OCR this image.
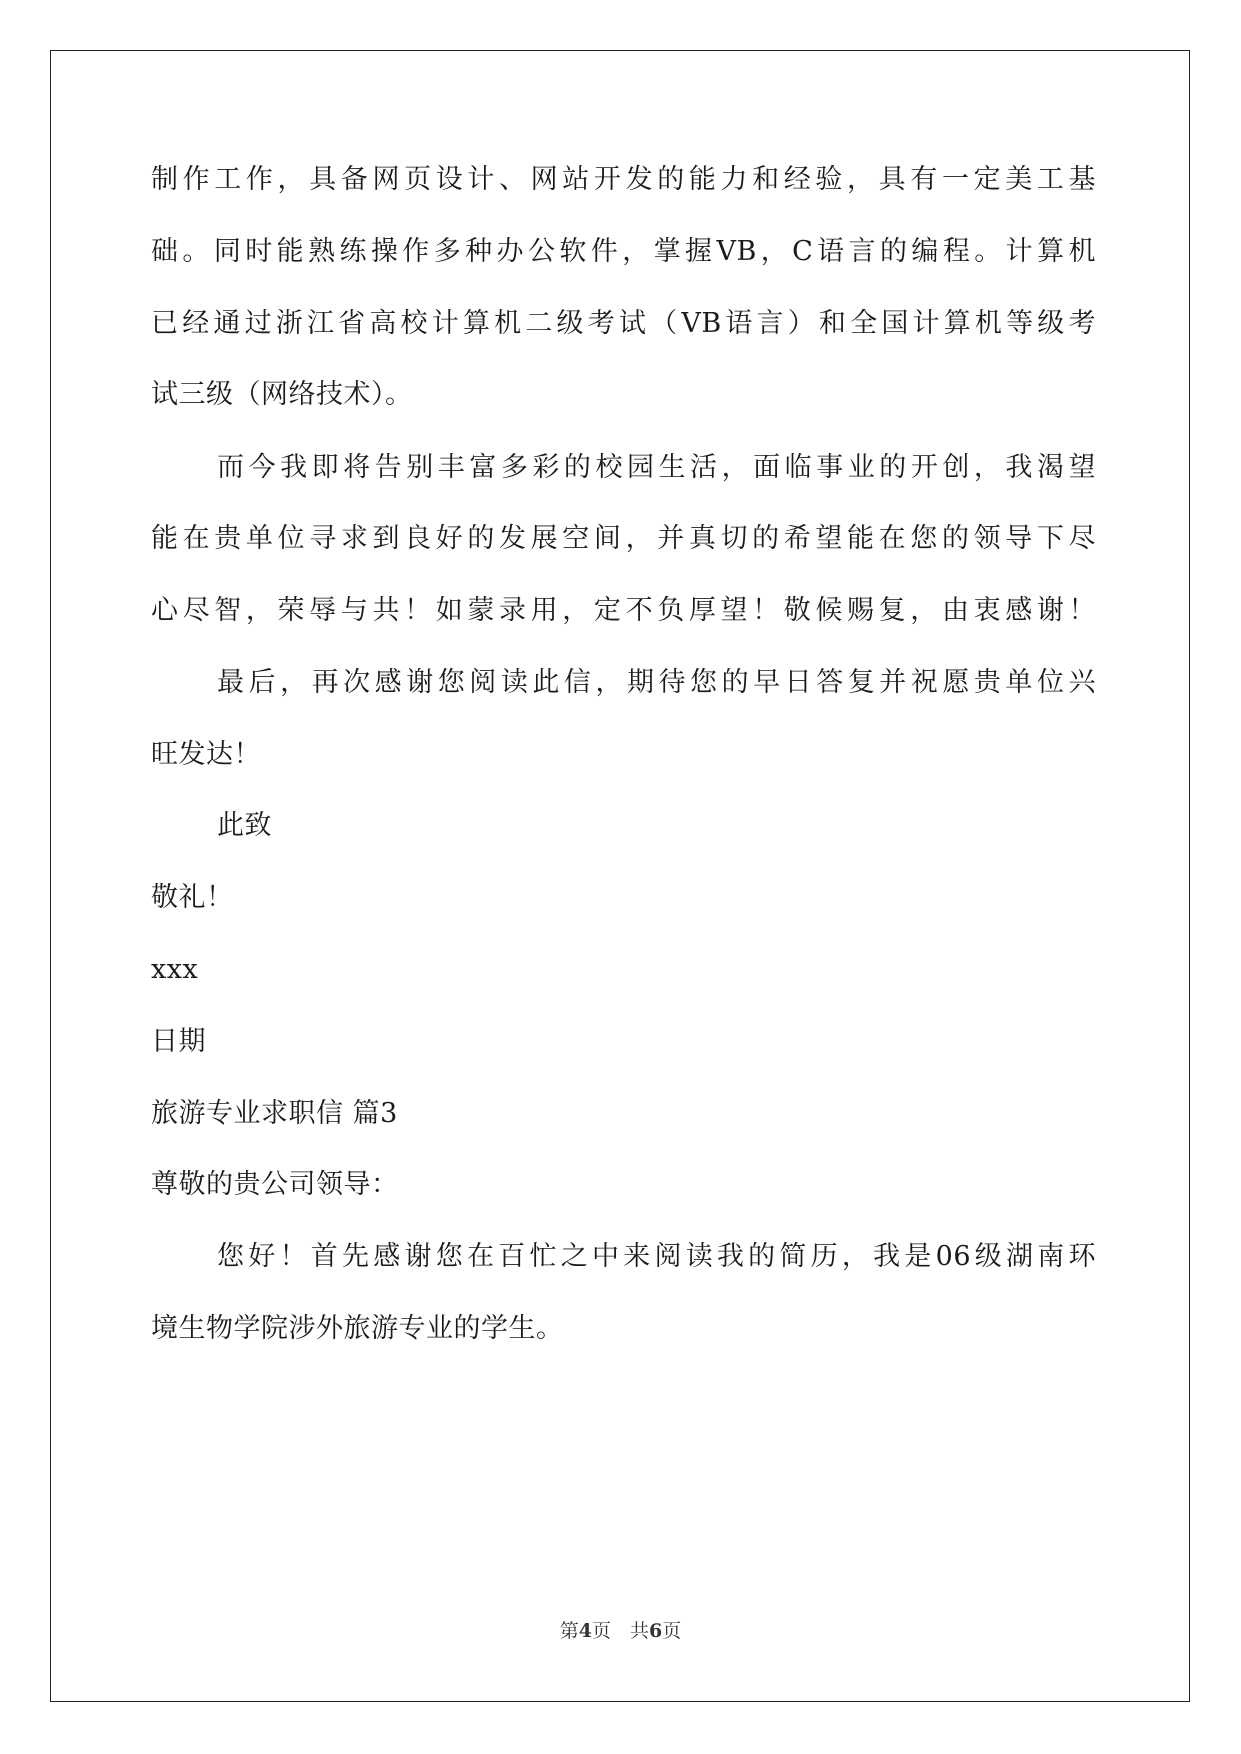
制作工作，具备网页设计、网站开发的能力和经验，具有一定美工基
础。同时能熟练操作多种办公软件，掌握VB，C语言的编程。计算机
已经通过浙江省高校计算机二级考试（VB语言）和全国计算机等级考
试三级（网络技术）。
而今我即将告别丰富多彩的校园生活，面临事业的开创，我渴望
能在贵单位寻求到良好的发展空间，并真切的希望能在您的领导下尽
心尽智，荣辱与共！如蒙录用，定不负厚望！敬候赐复，由衷感谢！
最后，再次感谢您阅读此信，期待您的早日答复并祝愿贵单位兴
旺发达！
此致
敬礼！
xxx
日期
旅游专业求职信 篇3
尊敬的贵公司领导：
您好！首先感谢您在百忙之中来阅读我的简历，我是06级湖南环
境生物学院涉外旅游专业的学生。
第4页　共6页
